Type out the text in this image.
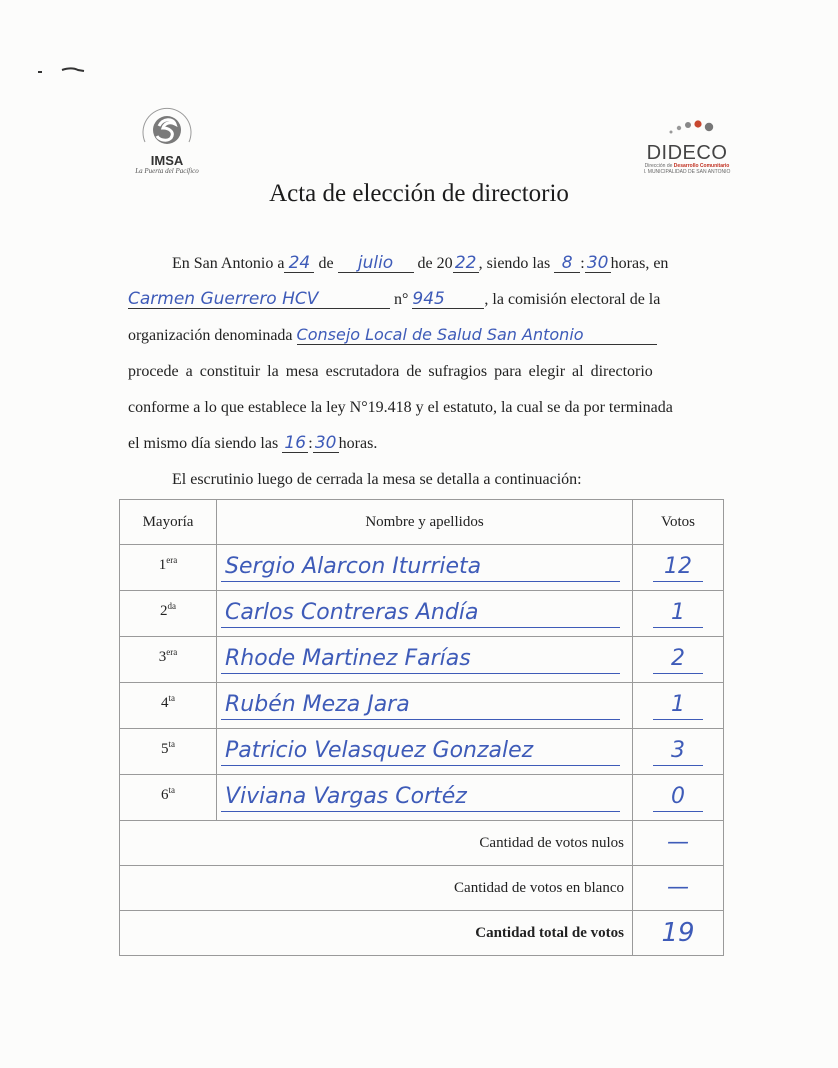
IMSA
La Puerta del Pacífico
DIDECO
Dirección de Desarrollo Comunitario
I. MUNICIPALIDAD DE SAN ANTONIO
Acta de elección de directorio
En San Antonio a 24 de julio de 20 22 , siendo las 8 : 30 horas, en
Carmen Guerrero HCV	n° 945 , la comisión electoral de la
organización denominada Consejo Local de Salud San Antonio
procede a constituir la mesa escrutadora de sufragios para elegir al directorio
conforme a lo que establece la ley N°19.418 y el estatuto, la cual se da por terminada
el mismo día siendo las 16 : 30 horas.
El escrutinio luego de cerrada la mesa se detalla a continuación:
Mayoría	Nombre y apellidos	Votos
$1^{era}$	Sergio Alarcon Iturrieta	12
$2^{da}$	Carlos Contreras Andía	1
$3^{era}$	Rhode Martinez Farías	2
$4^{ta}$	Rubén Meza Jara	1
$5^{ta}$	Patricio Velasquez Gonzalez	3
$6^{ta}$	Viviana Vargas Cortéz	0
Cantidad de votos nulos		—
Cantidad de votos en blanco		—
Cantidad total de votos		19
